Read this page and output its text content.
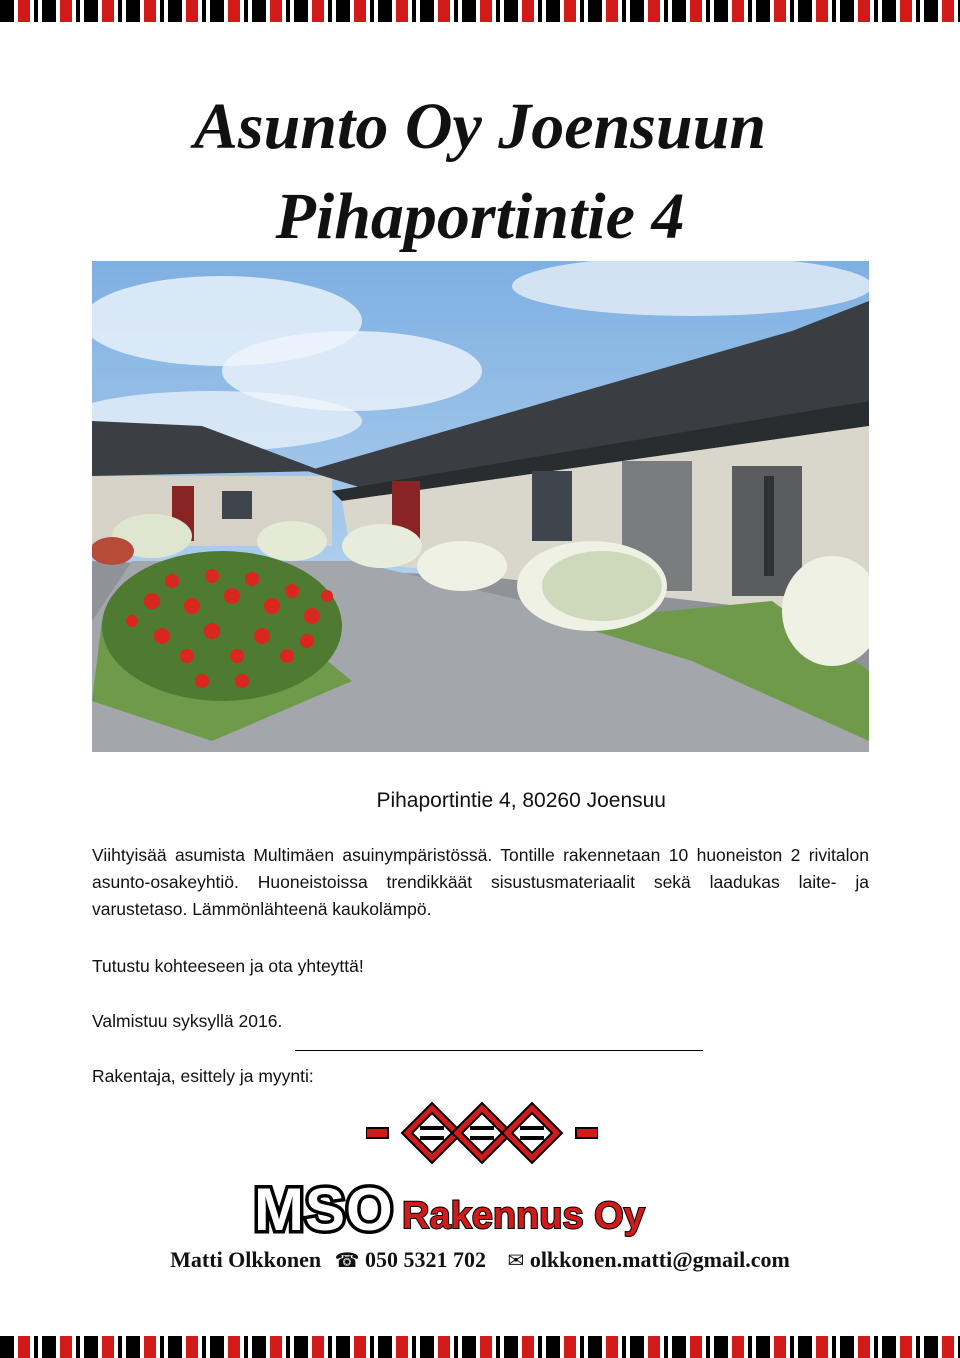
Asunto Oy Joensuun
Pihaportintie 4
Pihaportintie 4, 80260 Joensuu

Viihtyisää asumista Multimäen asuinympäristössä. Tontille rakennetaan 10 huoneiston 2 rivitalon asunto-osakeyhtiö. Huoneistoissa trendikkäät sisustusmateriaalit sekä laadukas laite- ja varustetaso. Lämmönlähteenä kaukolämpö.

Tutustu kohteeseen ja ota yhteyttä!

Valmistuu syksyllä 2016.

Rakentaja, esittely ja myynti:

MSO Rakennus Oy
Matti Olkkonen ☎ 050 5321 702 ✉ olkkonen.matti@gmail.com
